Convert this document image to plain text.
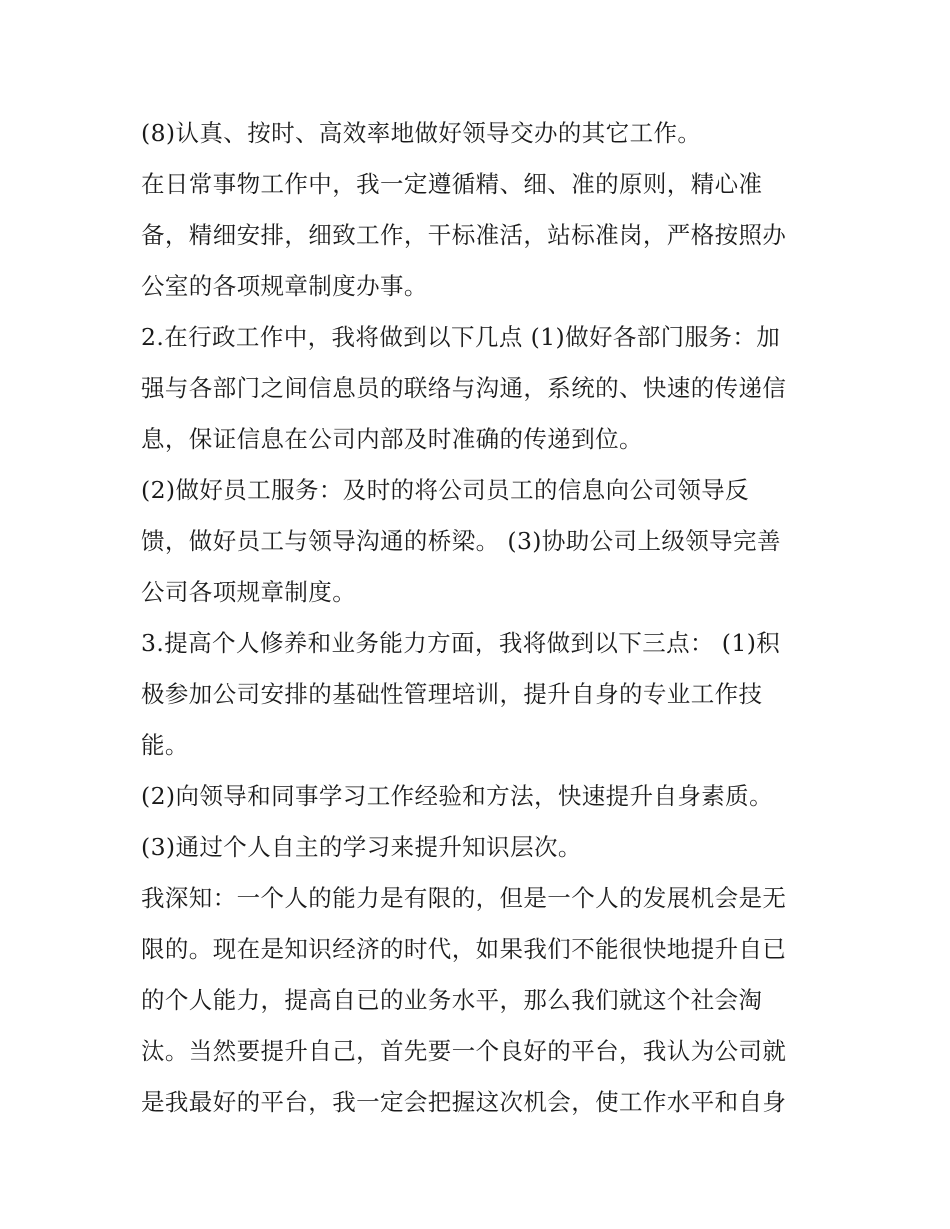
(8)认真、按时、高效率地做好领导交办的其它工作。
在日常事物工作中，我一定遵循精、细、准的原则，精心准
备，精细安排，细致工作，干标准活，站标准岗，严格按照办
公室的各项规章制度办事。
2.在行政工作中，我将做到以下几点 (1)做好各部门服务：加
强与各部门之间信息员的联络与沟通，系统的、快速的传递信
息，保证信息在公司内部及时准确的传递到位。
(2)做好员工服务：及时的将公司员工的信息向公司领导反
馈，做好员工与领导沟通的桥梁。 (3)协助公司上级领导完善
公司各项规章制度。
3.提高个人修养和业务能力方面，我将做到以下三点： (1)积
极参加公司安排的基础性管理培训，提升自身的专业工作技
能。
(2)向领导和同事学习工作经验和方法，快速提升自身素质。
(3)通过个人自主的学习来提升知识层次。
我深知：一个人的能力是有限的，但是一个人的发展机会是无
限的。现在是知识经济的时代，如果我们不能很快地提升自已
的个人能力，提高自已的业务水平，那么我们就这个社会淘
汰。当然要提升自己，首先要一个良好的平台，我认为公司就
是我最好的平台，我一定会把握这次机会，使工作水平和自身
